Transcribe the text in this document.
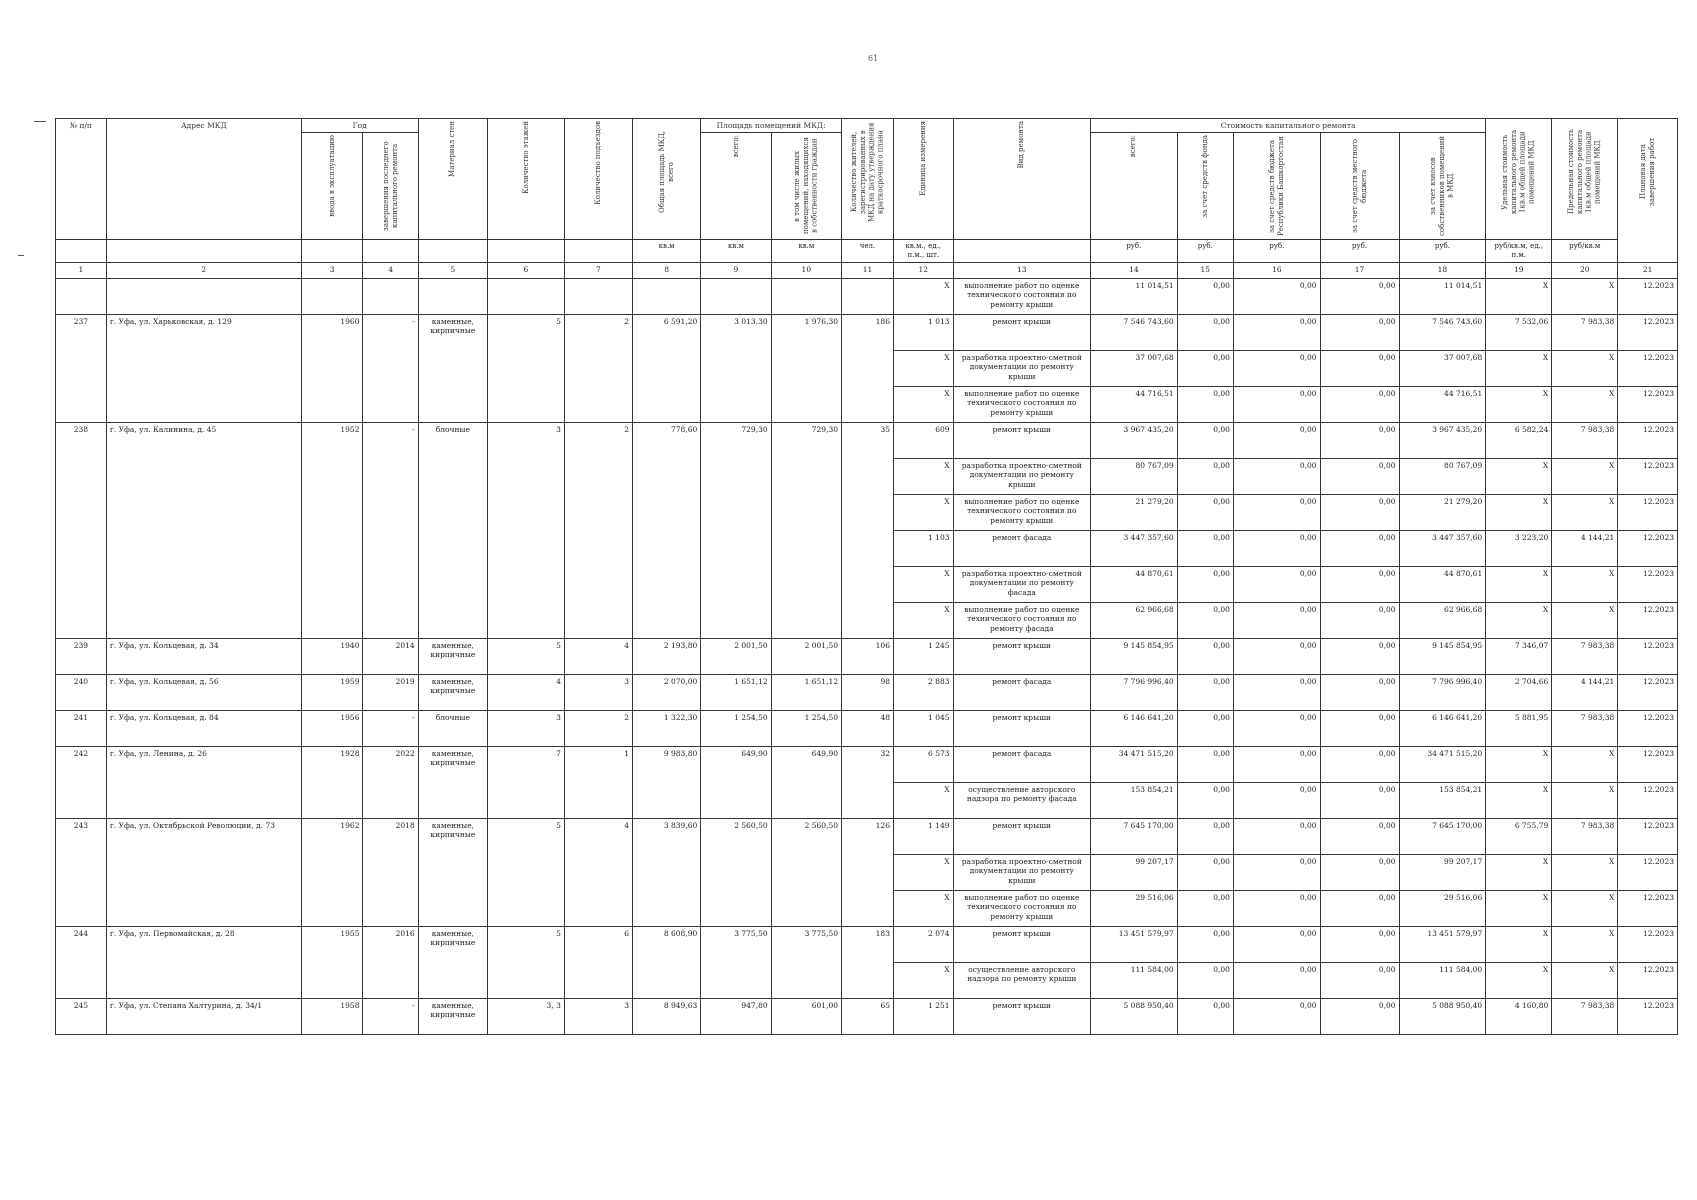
61
№ п/п	Адрес МКД	Год		Материал стен	Количество этажей	Количество подъездов	Общая площадь МКД, всего	Площадь помещений МКД:		Количество жителей, зарегистрированных в МКД на дату утверждения краткосрочного плана	Единица измерения	Вид ремонта	Стоимость капитального ремонта					Удельная стоимость капитального ремонта 1кв.м общей площади помещений МКД	Предельная стоимость капитального ремонта 1кв.м общей площади помещений МКД	Плановая дата завершения работ

		ввода в эксплуатацию	завершения последнего капитального ремонта					всего:	в том числе жилых помещений, находящихся в собственности граждан				всего:	за счет средств фонда	за счет средств бюджета Республики Башкортостан	за счет средств местного бюджета	за счет взносов собственников помещений в МКД			

							кв.м	кв.м	кв.м	чел.	кв.м., ед., п.м., шт.		руб.	руб.	руб.	руб.	руб.	руб/кв.м, ед., п.м.	руб/кв.м	
1	2	3	4	5	6	7	8	9	10	11	12	13	14	15	16	17	18	19	20	21
											X	выполнение работ по оценке технического состояния по ремонту крыши	11 014,51	0,00	0,00	0,00	11 014,51	X	X	12.2023
237	г. Уфа, ул. Харьковская, д. 129	1960	-	каменные, кирпичные	5	2	6 591,20	3 013,30	1 976,30	186	1 013	ремонт крыши	7 546 743,60	0,00	0,00	0,00	7 546 743,60	7 532,06	7 983,38	12.2023
											X	разработка проектно-сметной документации по ремонту крыши	37 007,68	0,00	0,00	0,00	37 007,68	X	X	12.2023
											X	выполнение работ по оценке технического состояния по ремонту крыши	44 716,51	0,00	0,00	0,00	44 716,51	X	X	12.2023
238	г. Уфа, ул. Калинина, д. 45	1952	-	блочные	3	2	778,60	729,30	729,30	35	609	ремонт крыши	3 967 435,20	0,00	0,00	0,00	3 967 435,20	6 582,24	7 983,38	12.2023
											X	разработка проектно-сметной документации по ремонту крыши	80 767,09	0,00	0,00	0,00	80 767,09	X	X	12.2023
											X	выполнение работ по оценке технического состояния по ремонту крыши	21 279,20	0,00	0,00	0,00	21 279,20	X	X	12.2023
											1 103	ремонт фасада	3 447 357,60	0,00	0,00	0,00	3 447 357,60	3 223,20	4 144,21	12.2023
											X	разработка проектно-сметной документации по ремонту фасада	44 870,61	0,00	0,00	0,00	44 870,61	X	X	12.2023
											X	выполнение работ по оценке технического состояния по ремонту фасада	62 966,68	0,00	0,00	0,00	62 966,68	X	X	12.2023
239	г. Уфа, ул. Кольцевая, д. 34	1940	2014	каменные, кирпичные	5	4	2 193,80	2 001,50	2 001,50	106	1 245	ремонт крыши	9 145 854,95	0,00	0,00	0,00	9 145 854,95	7 346,07	7 983,38	12.2023
240	г. Уфа, ул. Кольцевая, д. 56	1959	2019	каменные, кирпичные	4	3	2 070,00	1 651,12	1 651,12	98	2 883	ремонт фасада	7 796 996,40	0,00	0,00	0,00	7 796 996,40	2 704,66	4 144,21	12.2023
241	г. Уфа, ул. Кольцевая, д. 84	1956	-	блочные	3	2	1 322,30	1 254,50	1 254,50	48	1 045	ремонт крыши	6 146 641,20	0,00	0,00	0,00	6 146 641,20	5 881,95	7 983,38	12.2023
242	г. Уфа, ул. Ленина, д. 26	1928	2022	каменные, кирпичные	7	1	9 983,80	649,90	649,90	32	6 573	ремонт фасада	34 471 515,20	0,00	0,00	0,00	34 471 515,20	X	X	12.2023
											X	осуществление авторского надзора по ремонту фасада	153 854,21	0,00	0,00	0,00	153 854,21	X	X	12.2023
243	г. Уфа, ул. Октябрьской Революции, д. 73	1962	2018	каменные, кирпичные	5	4	3 839,60	2 560,50	2 560,50	126	1 149	ремонт крыши	7 645 170,00	0,00	0,00	0,00	7 645 170,00	6 755,79	7 983,38	12.2023
											X	разработка проектно-сметной документации по ремонту крыши	99 207,17	0,00	0,00	0,00	99 207,17	X	X	12.2023
											X	выполнение работ по оценке технического состояния по ремонту крыши	29 516,06	0,00	0,00	0,00	29 516,06	X	X	12.2023
244	г. Уфа, ул. Первомайская, д. 28	1955	2016	каменные, кирпичные	5	6	8 608,90	3 775,50	3 775,50	183	2 074	ремонт крыши	13 451 579,97	0,00	0,00	0,00	13 451 579,97	X	X	12.2023
											X	осуществление авторского надзора по ремонту крыши	111 584,00	0,00	0,00	0,00	111 584,00	X	X	12.2023
245	г. Уфа, ул. Степана Халтурина, д. 34/1	1958	-	каменные, кирпичные	3, 3	3	8 949,63	947,80	601,00	65	1 251	ремонт крыши	5 088 950,40	0,00	0,00	0,00	5 088 950,40	4 160,80	7 983,38	12.2023
